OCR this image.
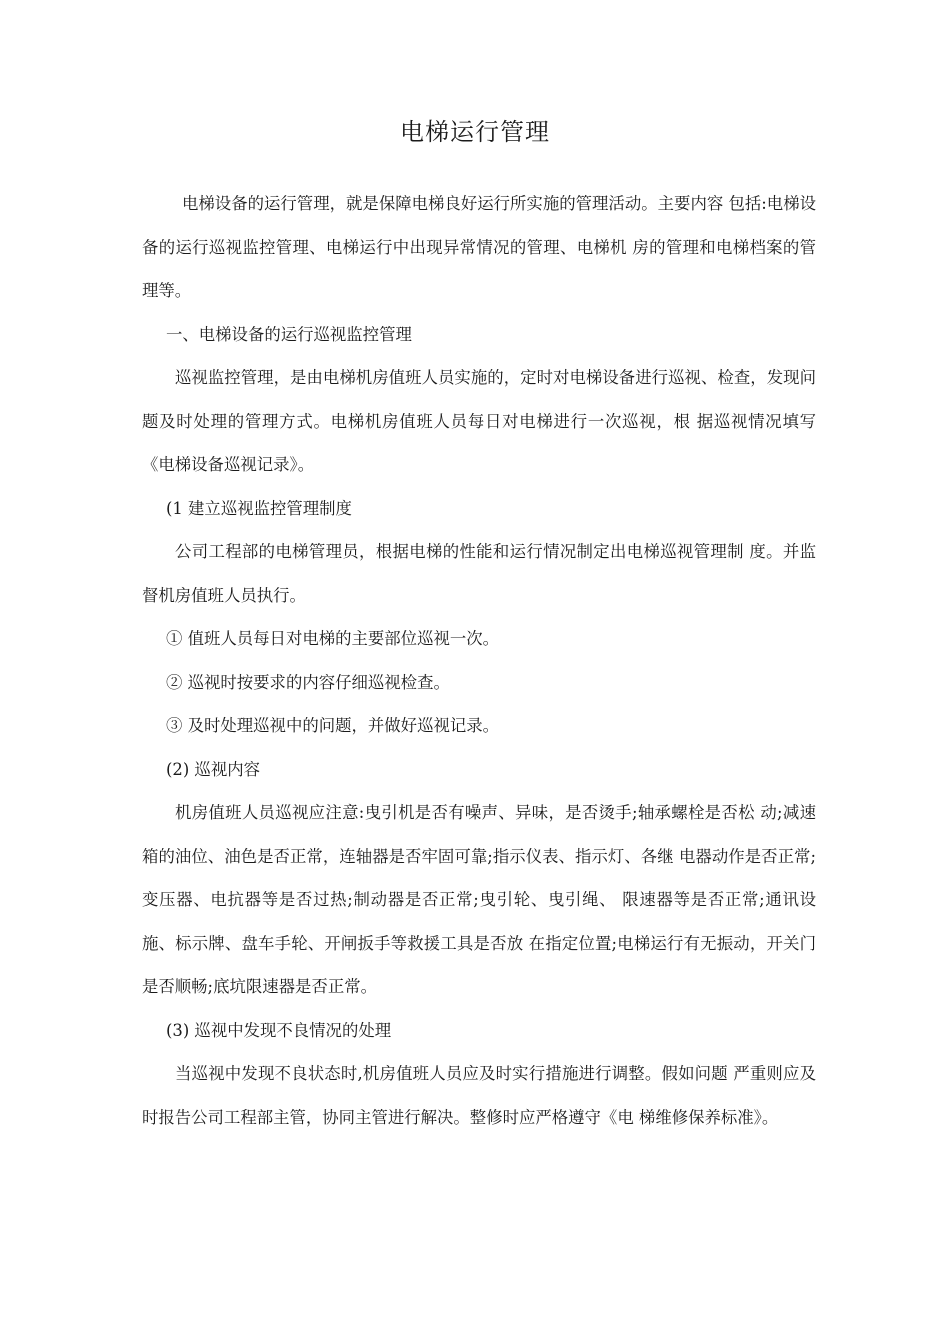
电梯运行管理

电梯设备的运行管理，就是保障电梯良好运行所实施的管理活动。主要内容 包括:电梯设备的运行巡视监控管理、电梯运行中出现异常情况的管理、电梯机 房的管理和电梯档案的管理等。

一、电梯设备的运行巡视监控管理

巡视监控管理，是由电梯机房值班人员实施的，定时对电梯设备进行巡视、检查，发现问题及时处理的管理方式。电梯机房值班人员每日对电梯进行一次巡视，根 据巡视情况填写《电梯设备巡视记录》。

(1 建立巡视监控管理制度

公司工程部的电梯管理员，根据电梯的性能和运行情况制定出电梯巡视管理制 度。并监督机房值班人员执行。

① 值班人员每日对电梯的主要部位巡视一次。

② 巡视时按要求的内容仔细巡视检查。

③ 及时处理巡视中的问题，并做好巡视记录。

(2) 巡视内容

机房值班人员巡视应注意:曳引机是否有噪声、异味，是否烫手;轴承螺栓是否松 动;减速箱的油位、油色是否正常，连轴器是否牢固可靠;指示仪表、指示灯、各继 电器动作是否正常;变压器、电抗器等是否过热;制动器是否正常;曳引轮、曳引绳、 限速器等是否正常;通讯设施、标示牌、盘车手轮、开闸扳手等救援工具是否放 在指定位置;电梯运行有无振动，开关门是否顺畅;底坑限速器是否正常。

(3) 巡视中发现不良情况的处理

当巡视中发现不良状态时,机房值班人员应及时实行措施进行调整。假如问题 严重则应及时报告公司工程部主管，协同主管进行解决。整修时应严格遵守《电 梯维修保养标准》。
